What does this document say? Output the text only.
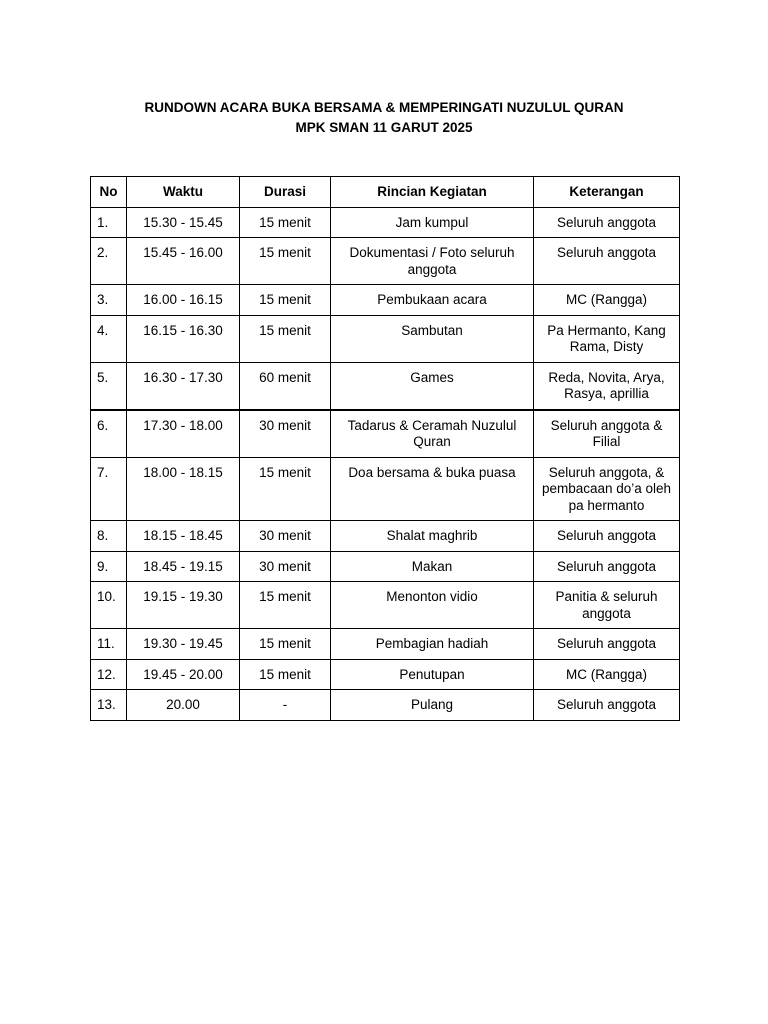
RUNDOWN ACARA BUKA BERSAMA & MEMPERINGATI NUZULUL QURAN
MPK SMAN 11 GARUT 2025
No	Waktu	Durasi	Rincian Kegiatan	Keterangan
1.	15.30 - 15.45	15 menit	Jam kumpul	Seluruh anggota
2.	15.45 - 16.00	15 menit	Dokumentasi / Foto seluruh anggota	Seluruh anggota
3.	16.00 - 16.15	15 menit	Pembukaan acara	MC (Rangga)
4.	16.15 - 16.30	15 menit	Sambutan	Pa Hermanto, Kang Rama, Disty
5.	16.30 - 17.30	60 menit	Games	Reda, Novita, Arya, Rasya, aprillia
6.	17.30 - 18.00	30 menit	Tadarus & Ceramah Nuzulul Quran	Seluruh anggota & Filial
7.	18.00 - 18.15	15 menit	Doa bersama & buka puasa	Seluruh anggota, & pembacaan do’a oleh pa hermanto
8.	18.15 - 18.45	30 menit	Shalat maghrib	Seluruh anggota
9.	18.45 - 19.15	30 menit	Makan	Seluruh anggota
10.	19.15 - 19.30	15 menit	Menonton vidio	Panitia & seluruh anggota
11.	19.30 - 19.45	15 menit	Pembagian hadiah	Seluruh anggota
12.	19.45 - 20.00	15 menit	Penutupan	MC (Rangga)
13.	20.00	-	Pulang	Seluruh anggota
